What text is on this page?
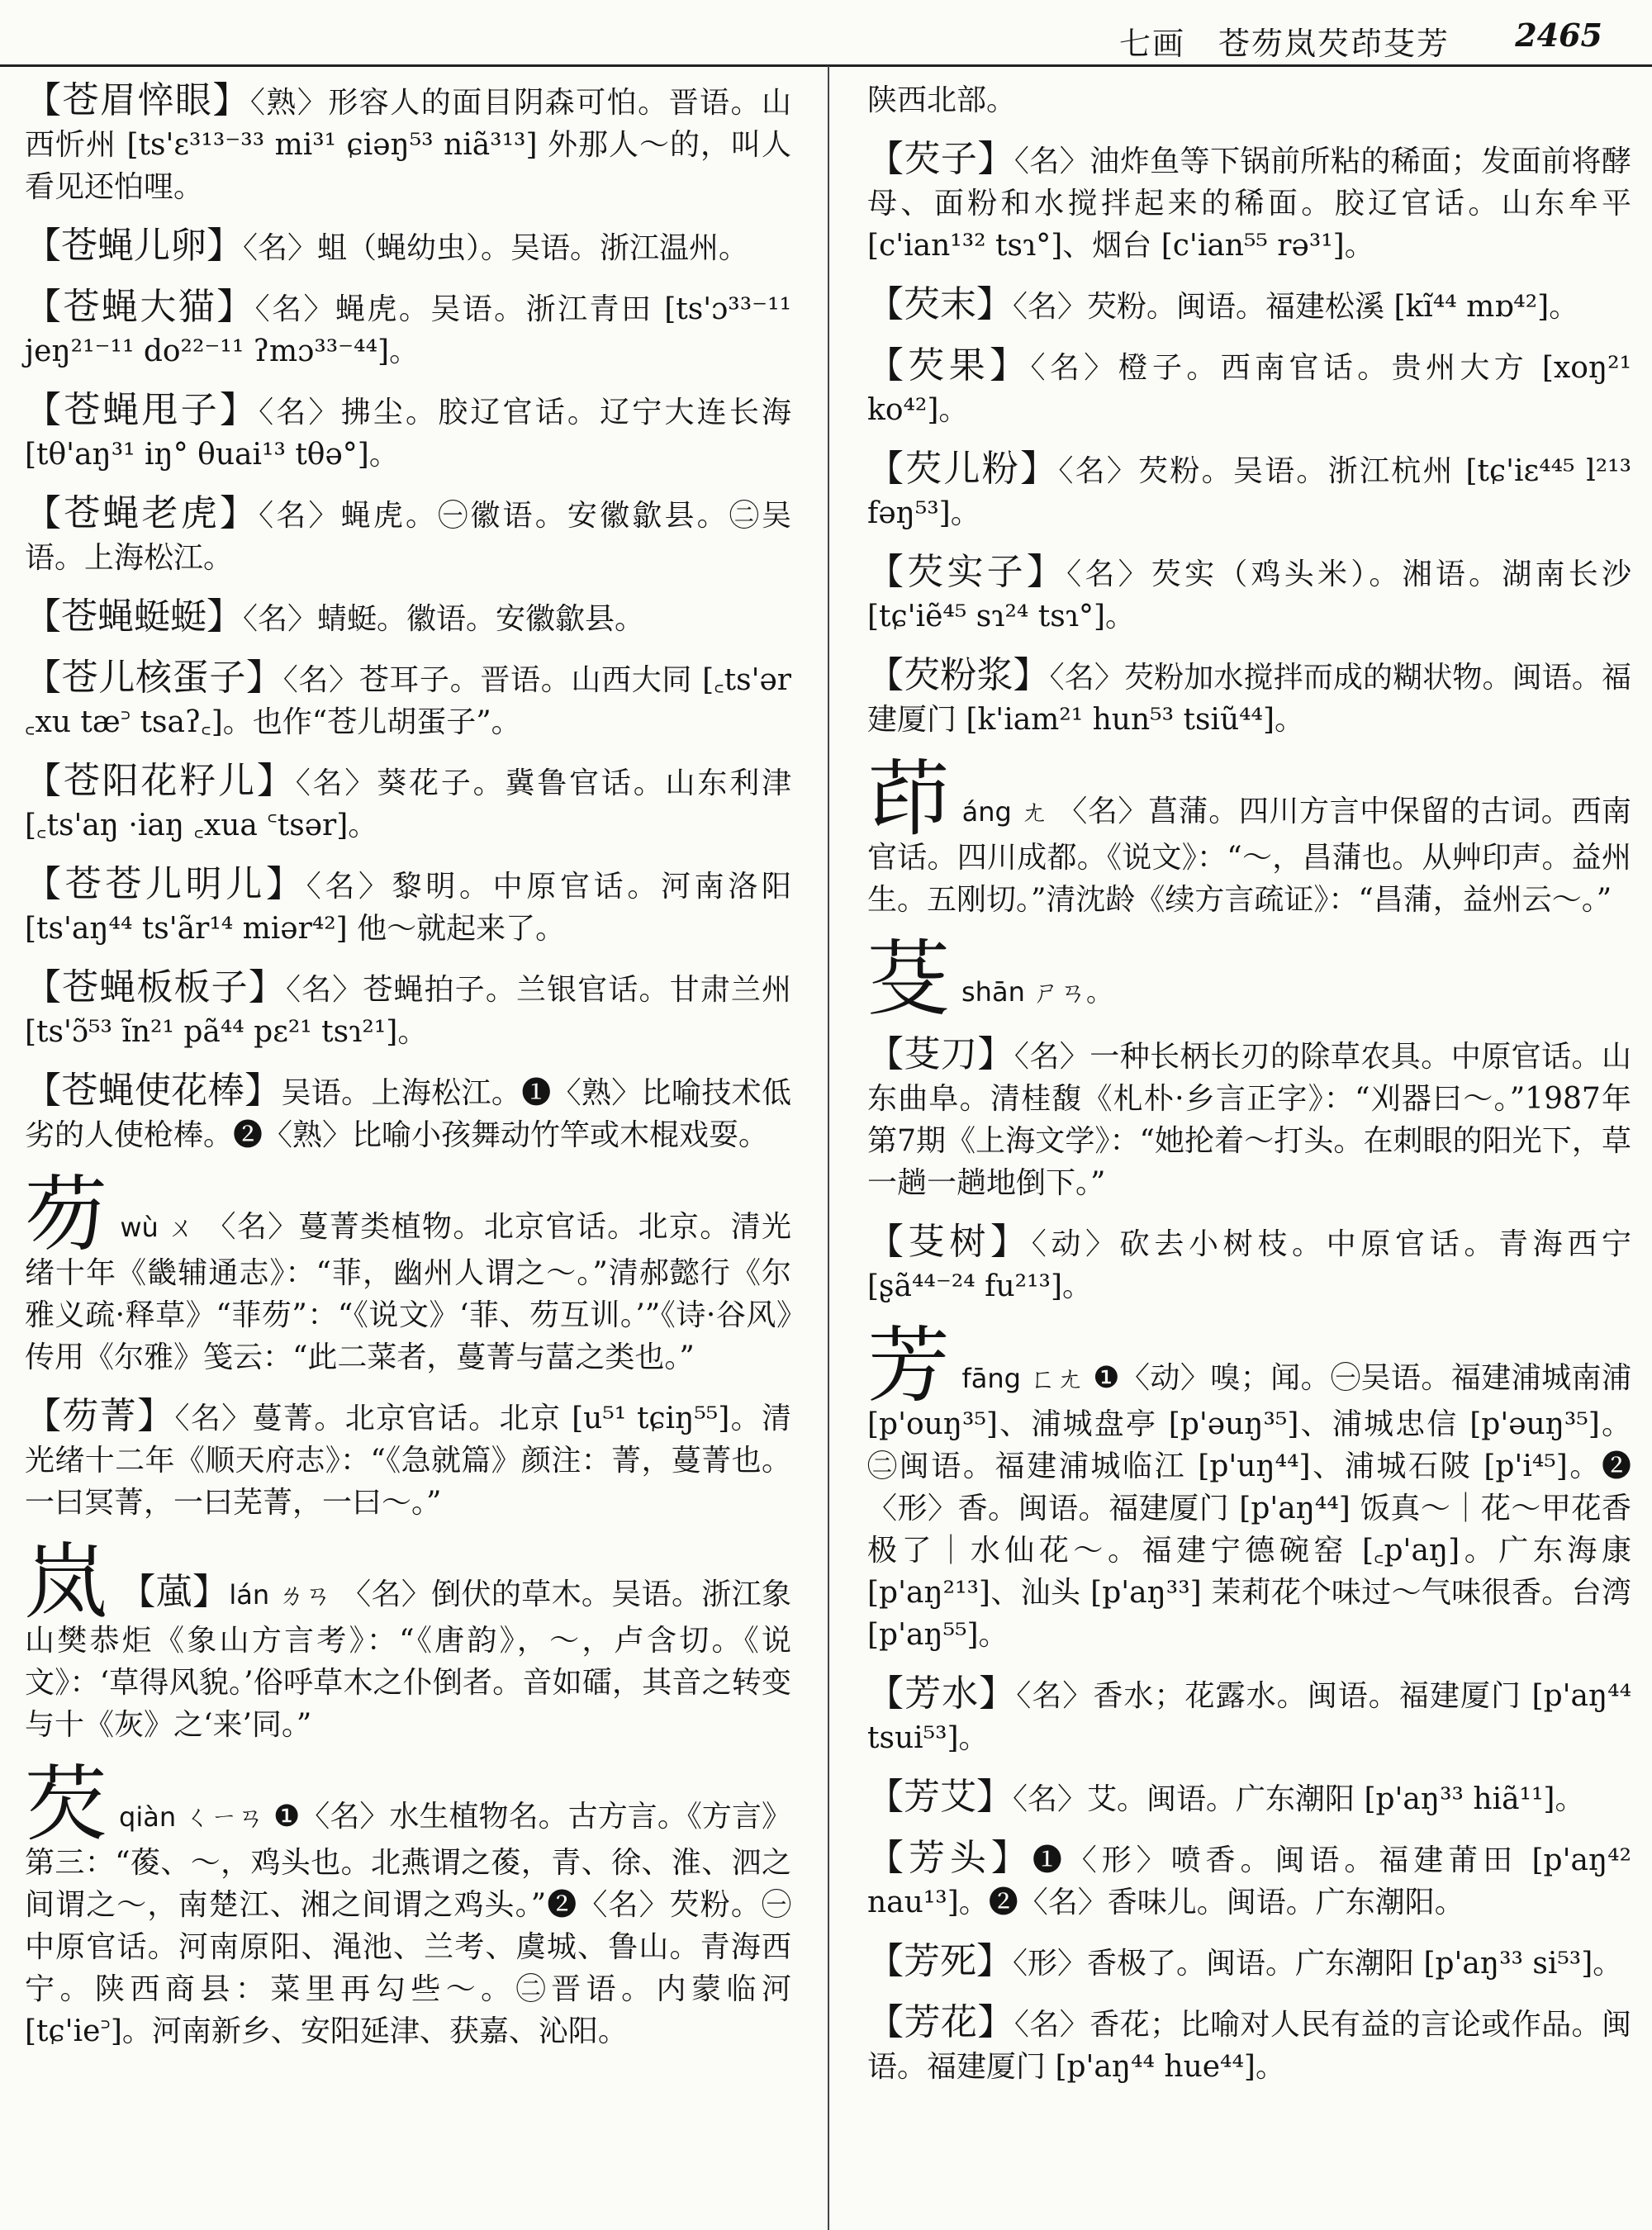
七画　苍芴岚芡茚芟芳 2465
【 苍眉悴眼 】 〈熟〉形容人的面目阴森可怕。晋语。山西忻州 [ts'ɛ³¹³⁻³³ mi³¹ ɕiəŋ⁵³ niã³¹³] 外那人～的，叫人看见还怕哩。
【 苍蝇儿卵 】 〈名〉蛆（蝇幼虫）。吴语。浙江温州。
【 苍蝇大猫 】 〈名〉蝇虎。吴语。浙江青田 [ts'ɔ³³⁻¹¹ jeŋ²¹⁻¹¹ do²²⁻¹¹ ʔmɔ³³⁻⁴⁴]。
【 苍蝇甩子 】 〈名〉拂尘。胶辽官话。辽宁大连长海 [tθ'aŋ³¹ iŋ° θuai¹³ tθə°]。
【 苍蝇老虎 】 〈名〉蝇虎。㊀徽语。安徽歙县。㊁吴语。上海松江。
【 苍蝇蜓蜓 】 〈名〉蜻蜓。徽语。安徽歙县。
【 苍儿核蛋子 】 〈名〉苍耳子。晋语。山西大同 [꜀ts'ər ꜀xu tæ꜄ tsaʔ꜀]。也作“苍儿胡蛋子”。
【 苍阳花籽儿 】 〈名〉葵花子。冀鲁官话。山东利津 [꜀ts'aŋ ·iaŋ ꜀xua ꜂tsər]。
【 苍苍儿明儿 】 〈名〉黎明。中原官话。河南洛阳 [ts'aŋ⁴⁴ ts'ãr¹⁴ miər⁴²] 他～就起来了。
【 苍蝇板板子 】 〈名〉苍蝇拍子。兰银官话。甘肃兰州 [ts'ɔ̃⁵³ ĩn²¹ pã⁴⁴ pɛ²¹ tsɿ²¹]。
【 苍蝇使花棒 】 吴语。上海松江。❶〈熟〉比喻技术低劣的人使枪棒。❷〈熟〉比喻小孩舞动竹竿或木棍戏耍。
芴wù ㄨ 〈名〉蔓菁类植物。北京官话。北京。清光绪十年《畿辅通志》：“菲，幽州人谓之～。”清郝懿行《尔雅义疏·释草》“菲芴”：“《说文》‘菲、芴互训。’”《诗·谷风》传用《尔雅》笺云：“此二菜者，蔓菁与葍之类也。”
【 芴菁 】 〈名〉蔓菁。北京官话。北京 [u⁵¹ tɕiŋ⁵⁵]。清光绪十二年《顺天府志》：“《急就篇》颜注：菁，蔓菁也。一曰冥菁，一曰芜菁，一曰～。”
岚 【葻】lán ㄌㄢ 〈名〉倒伏的草木。吴语。浙江象山樊恭炬《象山方言考》：“《唐韵》，～，卢含切。《说文》：‘草得风貌。’俗呼草木之仆倒者。音如礌，其音之转变与十《灰》之‘来’同。”
芡qiàn ㄑㄧㄢ ❶〈名〉水生植物名。古方言。《方言》第三：“葰、～，鸡头也。北燕谓之葰，青、徐、淮、泗之间谓之～，南楚江、湘之间谓之鸡头。”❷〈名〉芡粉。㊀中原官话。河南原阳、渑池、兰考、虞城、鲁山。青海西宁。陕西商县：菜里再勾些～。㊁晋语。内蒙临河 [tɕ'ie꜄]。河南新乡、安阳延津、获嘉、沁阳。
陕西北部。
【 芡子 】 〈名〉油炸鱼等下锅前所粘的稀面；发面前将酵母、面粉和水搅拌起来的稀面。胶辽官话。山东牟平 [c'ian¹³² tsɿ°]、烟台 [c'ian⁵⁵ rə³¹]。
【 芡末 】 〈名〉芡粉。闽语。福建松溪 [kĩ⁴⁴ mɒ⁴²]。
【 芡果 】 〈名〉橙子。西南官话。贵州大方 [xoŋ²¹ ko⁴²]。
【 芡儿粉 】 〈名〉芡粉。吴语。浙江杭州 [tɕ'iɛ⁴⁴⁵ l²¹³ fəŋ⁵³]。
【 芡实子 】 〈名〉芡实（鸡头米）。湘语。湖南长沙 [tɕ'iẽ⁴⁵ sɿ²⁴ tsɿ°]。
【 芡粉浆 】 〈名〉芡粉加水搅拌而成的糊状物。闽语。福建厦门 [k'iam²¹ hun⁵³ tsiũ⁴⁴]。
茚áng ㄤ 〈名〉菖蒲。四川方言中保留的古词。西南官话。四川成都。《说文》：“～，昌蒲也。从艸印声。益州生。五刚切。”清沈龄《续方言疏证》：“昌蒲，益州云～。”
芟shān ㄕㄢ。
【 芟刀 】 〈名〉一种长柄长刃的除草农具。中原官话。山东曲阜。清桂馥《札朴·乡言正字》：“刈器曰～。”1987年第7期《上海文学》：“她抡着～打头。在刺眼的阳光下，草一趟一趟地倒下。”
【 芟树 】 〈动〉砍去小树枝。中原官话。青海西宁 [ʂã⁴⁴⁻²⁴ fu²¹³]。
芳fāng ㄈㄤ ❶〈动〉嗅；闻。㊀吴语。福建浦城南浦 [p'ouŋ³⁵]、浦城盘亭 [p'əuŋ³⁵]、浦城忠信 [p'əuŋ³⁵]。㊁闽语。福建浦城临江 [p'uŋ⁴⁴]、浦城石陂 [p'i⁴⁵]。❷〈形〉香。闽语。福建厦门 [p'aŋ⁴⁴] 饭真～｜花～甲花香极了｜水仙花～。福建宁德碗窑 [꜀p'aŋ]。广东海康 [p'aŋ²¹³]、汕头 [p'aŋ³³] 茉莉花个味过～气味很香。台湾 [p'aŋ⁵⁵]。
【 芳水 】 〈名〉香水；花露水。闽语。福建厦门 [p'aŋ⁴⁴ tsui⁵³]。
【 芳艾 】 〈名〉艾。闽语。广东潮阳 [p'aŋ³³ hiã¹¹]。
【 芳头 】 ❶〈形〉喷香。闽语。福建莆田 [p'aŋ⁴² nau¹³]。❷〈名〉香味儿。闽语。广东潮阳。
【 芳死 】 〈形〉香极了。闽语。广东潮阳 [p'aŋ³³ si⁵³]。
【 芳花 】 〈名〉香花；比喻对人民有益的言论或作品。闽语。福建厦门 [p'aŋ⁴⁴ hue⁴⁴]。
